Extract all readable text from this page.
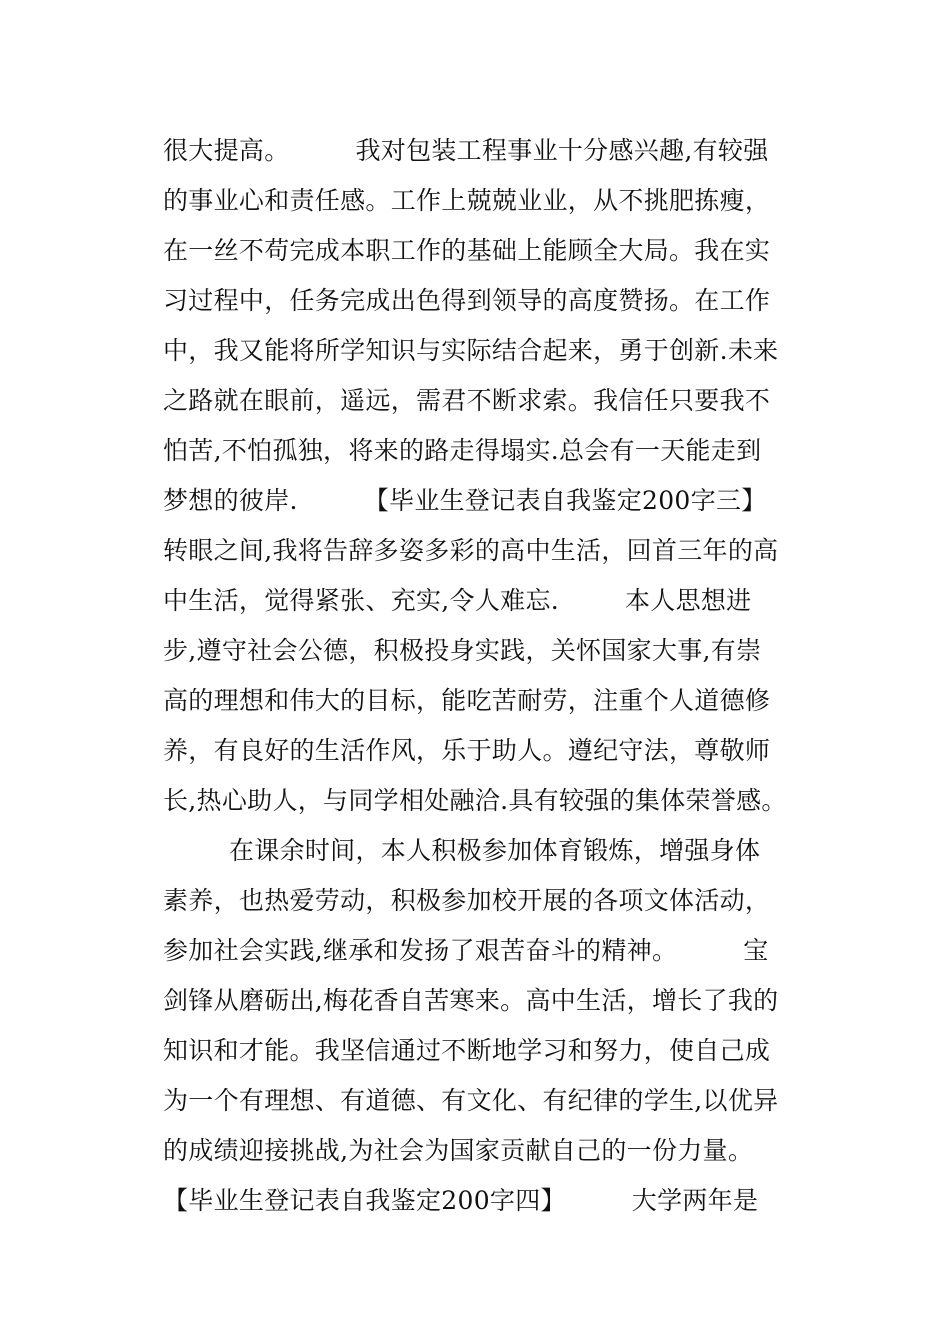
很大提高。        我对包装工程事业十分感兴趣,有较强
的事业心和责任感。工作上兢兢业业，从不挑肥拣瘦，
在一丝不苟完成本职工作的基础上能顾全大局。我在实
习过程中，任务完成出色得到领导的高度赞扬。在工作
中，我又能将所学知识与实际结合起来，勇于创新.未来
之路就在眼前，遥远，需君不断求索。我信任只要我不
怕苦,不怕孤独，将来的路走得塌实.总会有一天能走到
梦想的彼岸.        【毕业生登记表自我鉴定200字三】
转眼之间,我将告辞多姿多彩的高中生活，回首三年的高
中生活，觉得紧张、充实,令人难忘.        本人思想进
步,遵守社会公德，积极投身实践，关怀国家大事,有崇
高的理想和伟大的目标，能吃苦耐劳，注重个人道德修
养，有良好的生活作风，乐于助人。遵纪守法，尊敬师
长,热心助人，与同学相处融洽.具有较强的集体荣誉感。
在课余时间，本人积极参加体育锻炼，增强身体
素养，也热爱劳动，积极参加校开展的各项文体活动，
参加社会实践,继承和发扬了艰苦奋斗的精神。        宝
剑锋从磨砺出,梅花香自苦寒来。高中生活，增长了我的
知识和才能。我坚信通过不断地学习和努力，使自己成
为一个有理想、有道德、有文化、有纪律的学生,以优异
的成绩迎接挑战,为社会为国家贡献自己的一份力量。
【毕业生登记表自我鉴定200字四】        大学两年是
